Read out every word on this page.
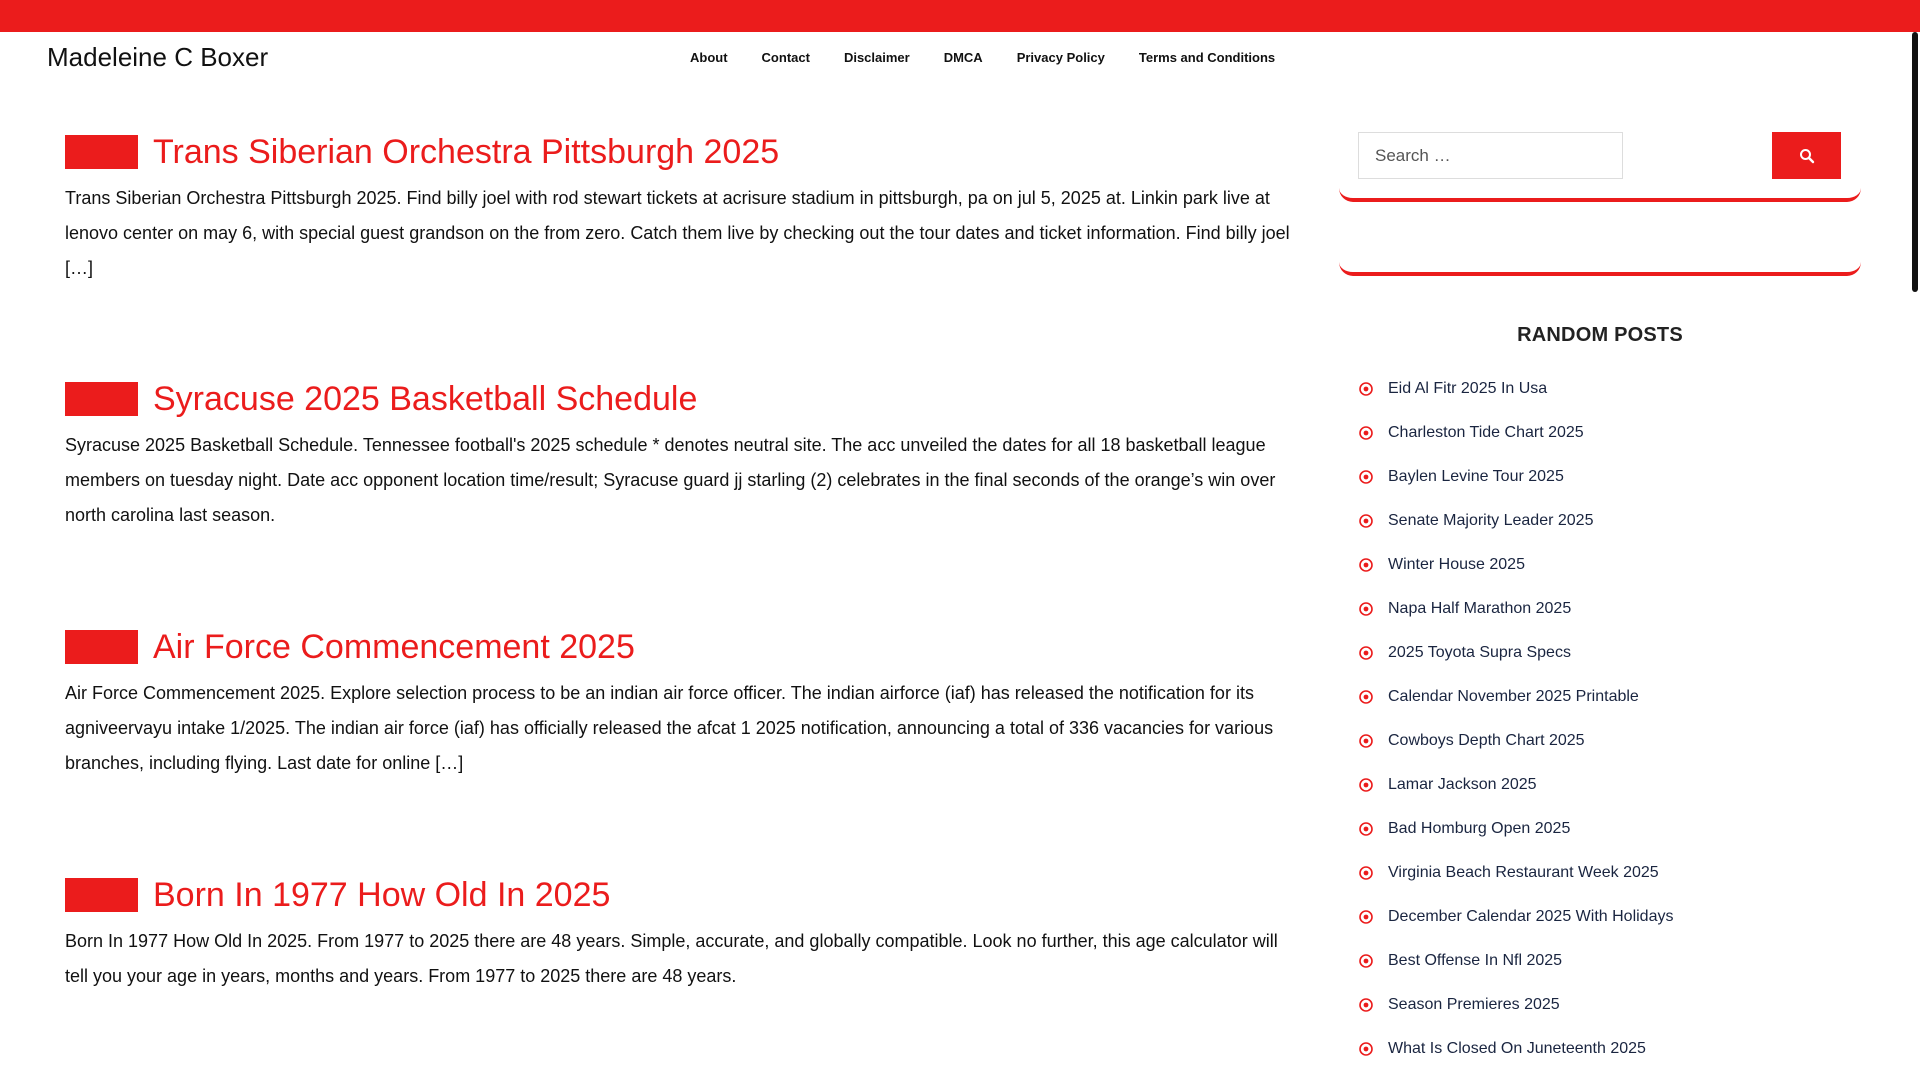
Madeleine C Boxer	About	Contact	Disclaimer	DMCA	Privacy Policy	Terms and Conditions
Trans Siberian Orchestra Pittsburgh 2025

Trans Siberian Orchestra Pittsburgh 2025. Find billy joel with rod stewart tickets at acrisure stadium in pittsburgh, pa on jul 5, 2025 at. Linkin park live at lenovo center on may 6, with special guest grandson on the from zero. Catch them live by checking out the tour dates and ticket information. Find billy joel […]

Syracuse 2025 Basketball Schedule

Syracuse 2025 Basketball Schedule. Tennessee football's 2025 schedule * denotes neutral site. The acc unveiled the dates for all 18 basketball league members on tuesday night. Date acc opponent location time/result; Syracuse guard jj starling (2) celebrates in the final seconds of the orange’s win over north carolina last season.

Air Force Commencement 2025

Air Force Commencement 2025. Explore selection process to be an indian air force officer. The indian airforce (iaf) has released the notification for its agniveervayu intake 1/2025. The indian air force (iaf) has officially released the afcat 1 2025 notification, announcing a total of 336 vacancies for various branches, including flying. Last date for online […]

Born In 1977 How Old In 2025

Born In 1977 How Old In 2025. From 1977 to 2025 there are 48 years. Simple, accurate, and globally compatible. Look no further, this age calculator will tell you your age in years, months and years. From 1977 to 2025 there are 48 years.

Search …
RANDOM POSTS
Eid Al Fitr 2025 In Usa
Charleston Tide Chart 2025
Baylen Levine Tour 2025
Senate Majority Leader 2025
Winter House 2025
Napa Half Marathon 2025
2025 Toyota Supra Specs
Calendar November 2025 Printable
Cowboys Depth Chart 2025
Lamar Jackson 2025
Bad Homburg Open 2025
Virginia Beach Restaurant Week 2025
December Calendar 2025 With Holidays
Best Offense In Nfl 2025
Season Premieres 2025
What Is Closed On Juneteenth 2025
